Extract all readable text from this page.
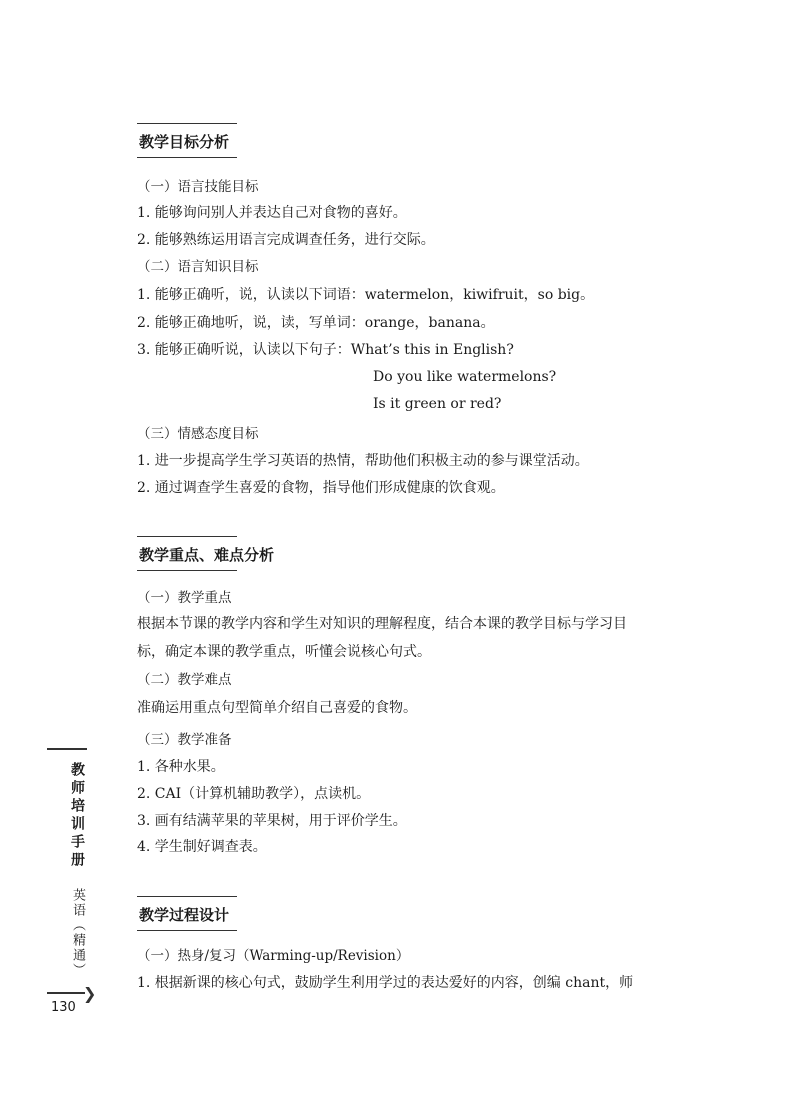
教学目标分析
（一）语言技能目标
1. 能够询问别人并表达自己对食物的喜好。
2. 能够熟练运用语言完成调查任务，进行交际。
（二）语言知识目标
1. 能够正确听，说，认读以下词语：watermelon，kiwifruit，so big。
2. 能够正确地听，说，读，写单词：orange，banana。
3. 能够正确听说，认读以下句子：What’s this in English?
Do you like watermelons?
Is it green or red?
（三）情感态度目标
1. 进一步提高学生学习英语的热情，帮助他们积极主动的参与课堂活动。
2. 通过调查学生喜爱的食物，指导他们形成健康的饮食观。
教学重点、难点分析
（一）教学重点
根据本节课的教学内容和学生对知识的理解程度，结合本课的教学目标与学习目
标，确定本课的教学重点，听懂会说核心句式。
（二）教学难点
准确运用重点句型简单介绍自己喜爱的食物。
（三）教学准备
1. 各种水果。
2. CAI（计算机辅助教学），点读机。
3. 画有结满苹果的苹果树，用于评价学生。
4. 学生制好调查表。
教学过程设计
（一）热身/复习（Warming-up/Revision）
1. 根据新课的核心句式，鼓励学生利用学过的表达爱好的内容，创编 chant，师
教师培训手册
英语（精通）
❯
130
